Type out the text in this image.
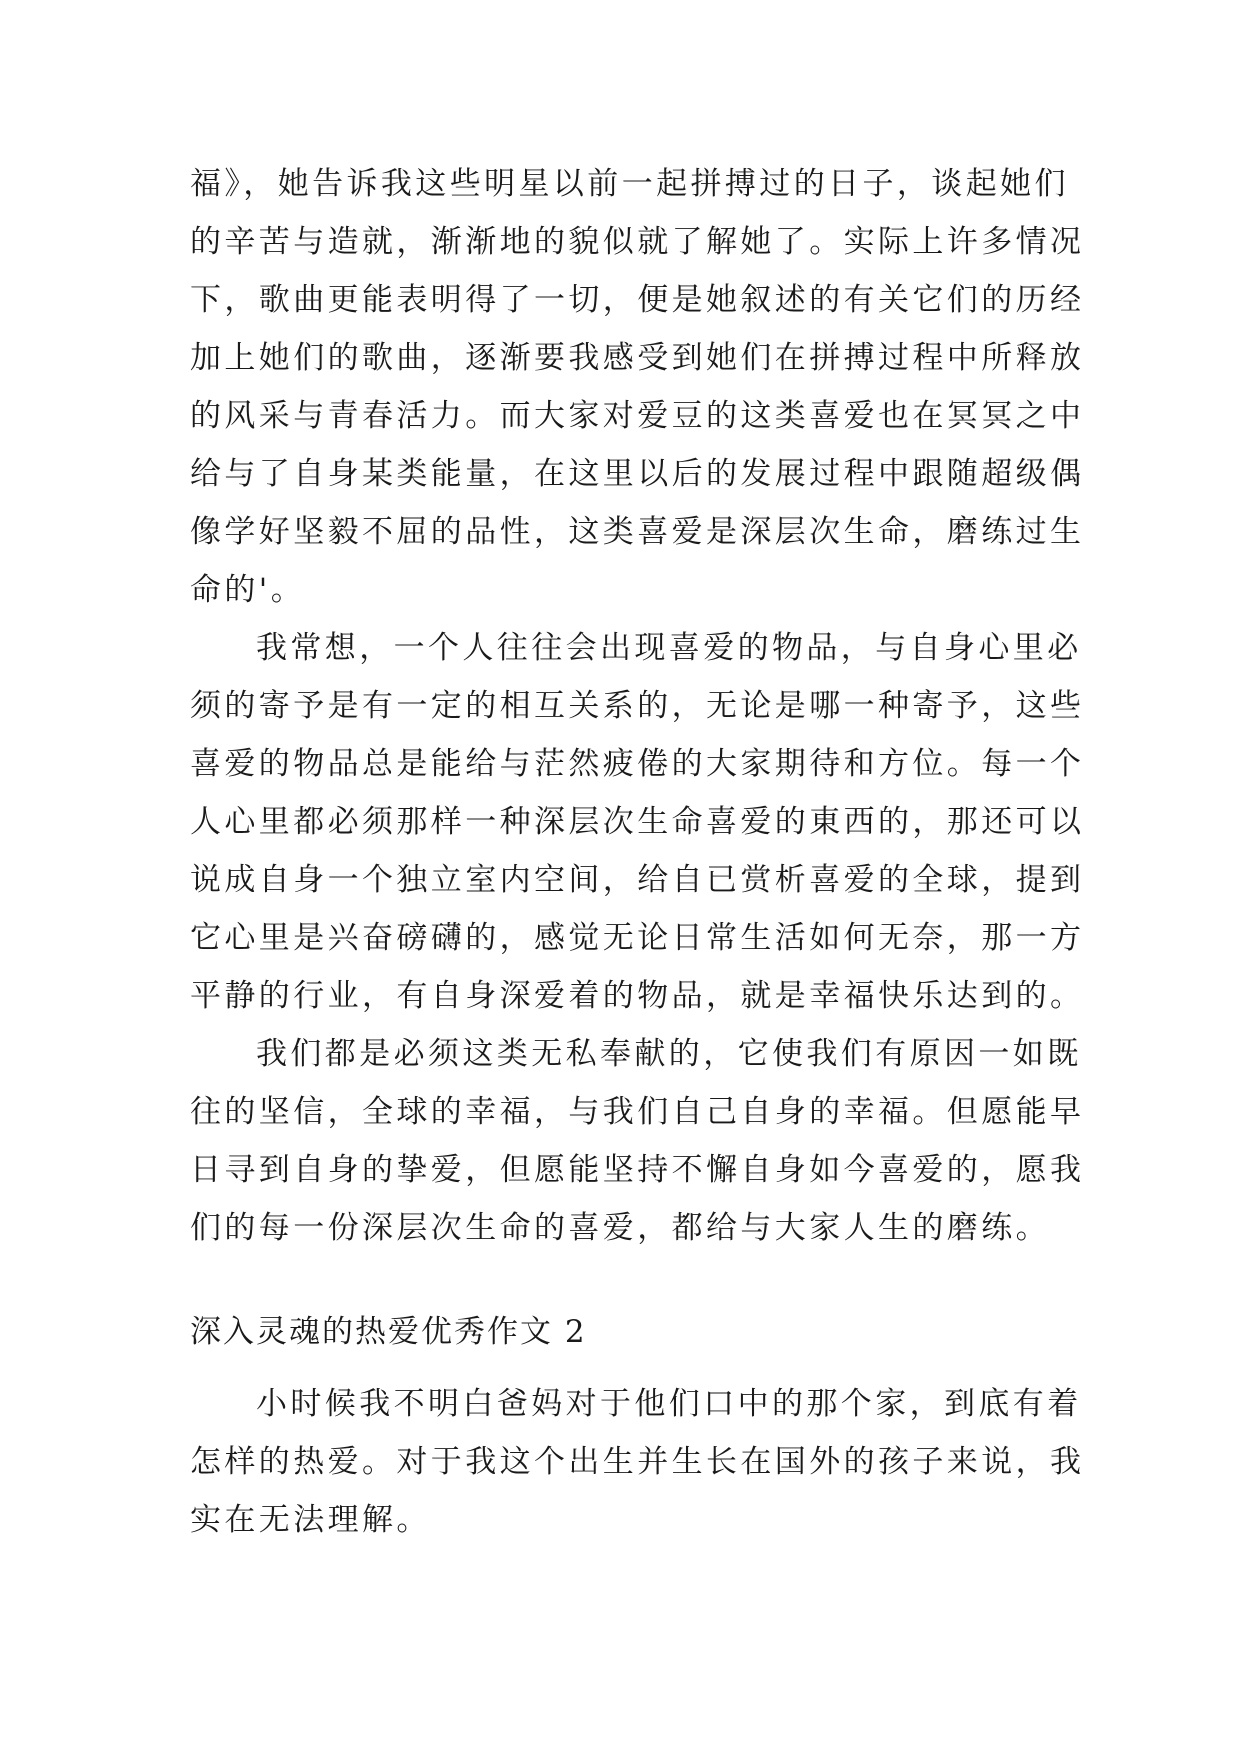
福》，她告诉我这些明星以前一起拼搏过的日子，谈起她们
的辛苦与造就，渐渐地的貌似就了解她了。实际上许多情况
下，歌曲更能表明得了一切，便是她叙述的有关它们的历经
加上她们的歌曲，逐渐要我感受到她们在拼搏过程中所释放
的风采与青春活力。而大家对爱豆的这类喜爱也在冥冥之中
给与了自身某类能量，在这里以后的发展过程中跟随超级偶
像学好坚毅不屈的品性，这类喜爱是深层次生命，磨练过生
命的'。
我常想，一个人往往会出现喜爱的物品，与自身心里必
须的寄予是有一定的相互关系的，无论是哪一种寄予，这些
喜爱的物品总是能给与茫然疲倦的大家期待和方位。每一个
人心里都必须那样一种深层次生命喜爱的東西的，那还可以
说成自身一个独立室内空间，给自已赏析喜爱的全球，提到
它心里是兴奋磅礴的，感觉无论日常生活如何无奈，那一方
平静的行业，有自身深爱着的物品，就是幸福快乐达到的。
我们都是必须这类无私奉献的，它使我们有原因一如既
往的坚信，全球的幸福，与我们自己自身的幸福。但愿能早
日寻到自身的挚爱，但愿能坚持不懈自身如今喜爱的，愿我
们的每一份深层次生命的喜爱，都给与大家人生的磨练。
深入灵魂的热爱优秀作文 2
小时候我不明白爸妈对于他们口中的那个家，到底有着
怎样的热爱。对于我这个出生并生长在国外的孩子来说，我
实在无法理解。
